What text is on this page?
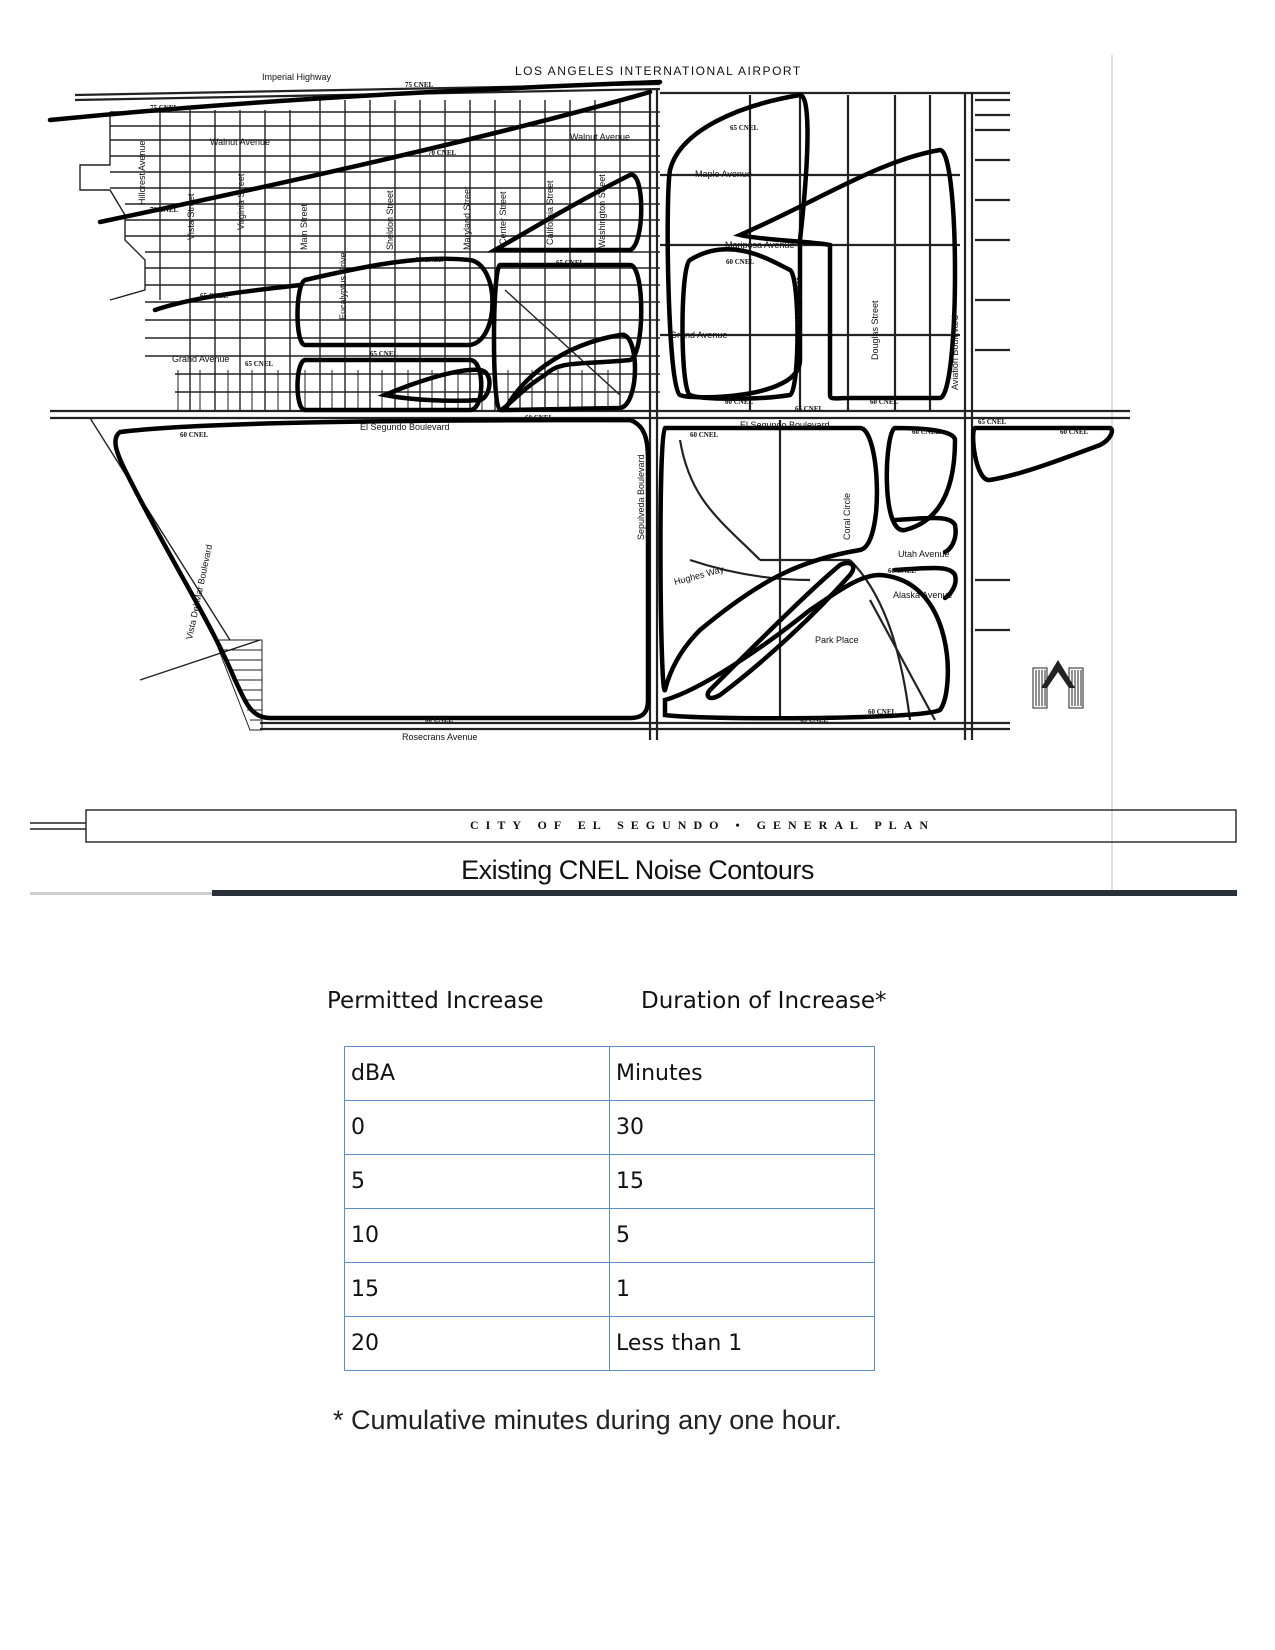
LOS ANGELES INTERNATIONAL AIRPORT
Imperial Highway
Walnut Avenue	Walnut Avenue
Maple Avenue
Mariposa Avenue
Grand Avenue
Grand Avenue
El Segundo Boulevard	El Segundo Boulevard
Rosecrans Avenue
Hughes Way
Utah Avenue
Alaska Avenue
Park Place
Hillcrest Avenue
Vista Street	Virginia Street	Main Street
Eucalyptus Drive
Sheldon Street	Maryland Street	Center Street	California Street	Washington Street
Sepulveda Boulevard
Nash Street	Douglas Street	Aviation Boulevard
Coral Circle
Vista Del Mar Boulevard
75 CNEL
75 CNEL
70 CNEL
70 CNEL
65 CNEL
65 CNEL
65 CNEL
65 CNEL
65 CNEL
65 CNEL
65 CNEL
65 CNEL
65 CNEL
60 CNEL
60 CNEL
60 CNEL
60 CNEL
60 CNEL	60 CNEL
60 CNEL	60 CNEL
60 CNEL
60 CNEL
60 CNEL
CITY OF EL SEGUNDO • GENERAL PLAN
Existing CNEL Noise Contours
Permitted Increase	Duration of Increase*
dBA	Minutes
0	30
5	15
10	5
15	1
20	Less than 1
* Cumulative minutes during any one hour.
